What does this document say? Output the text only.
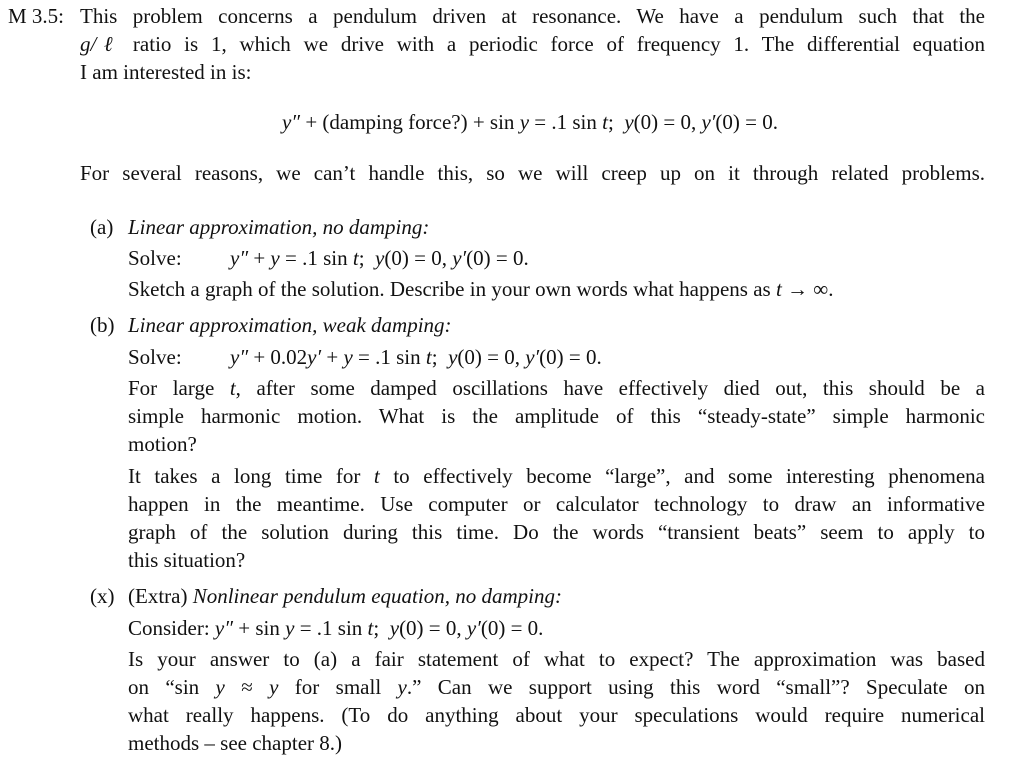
M 3.5: This problem concerns a pendulum driven at resonance. We have a pendulum such that the
g/ℓ ratio is 1, which we drive with a periodic force of frequency 1. The differential equation
I am interested in is:
y″ + (damping force?) + sin y = .1 sin t;  y(0) = 0, y′(0) = 0.
For several reasons, we can’t handle this, so we will creep up on it through related problems.
(a) Linear approximation, no damping:
Solve: y″ + y = .1 sin t;  y(0) = 0, y′(0) = 0.
Sketch a graph of the solution. Describe in your own words what happens as t → ∞.
(b) Linear approximation, weak damping:
Solve: y″ + 0.02y′ + y = .1 sin t;  y(0) = 0, y′(0) = 0.
For large t, after some damped oscillations have effectively died out, this should be a
simple harmonic motion. What is the amplitude of this “steady-state” simple harmonic
motion?
It takes a long time for t to effectively become “large”, and some interesting phenomena
happen in the meantime. Use computer or calculator technology to draw an informative
graph of the solution during this time. Do the words “transient beats” seem to apply to
this situation?
(x) (Extra) Nonlinear pendulum equation, no damping:
Consider: y″ + sin y = .1 sin t;  y(0) = 0, y′(0) = 0.
Is your answer to (a) a fair statement of what to expect? The approximation was based
on “sin y ≈ y for small y.” Can we support using this word “small”? Speculate on
what really happens. (To do anything about your speculations would require numerical
methods – see chapter 8.)
